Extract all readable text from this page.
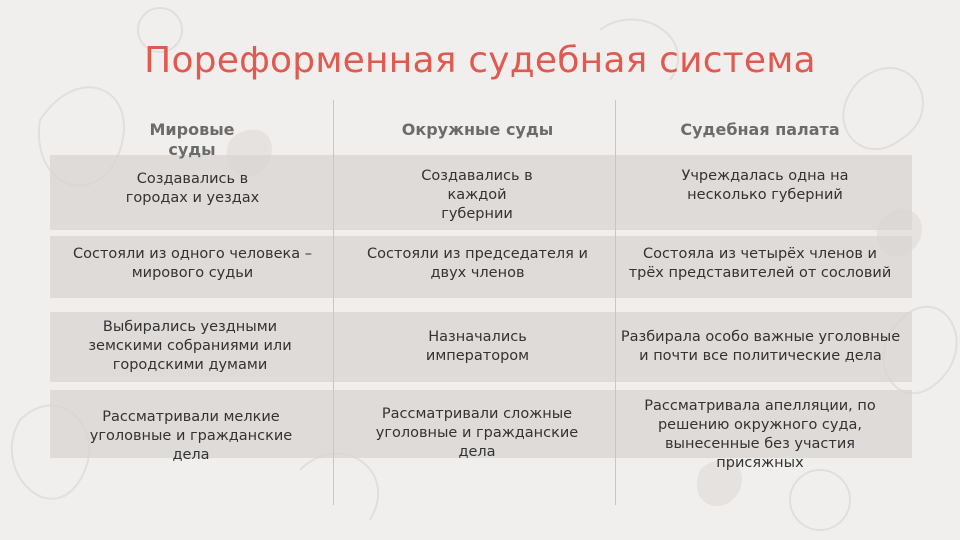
Пореформенная судебная система
Мировые суды
Создавались в городах и уездах
Состояли из одного человека – мирового судьи
Выбирались уездными земскими собраниями или городскими думами
Рассматривали мелкие уголовные и гражданские дела
Окружные суды
Создавались в каждой губернии
Состояли из председателя и двух членов
Назначались императором
Рассматривали сложные уголовные и гражданские дела
Судебная палата
Учреждалась одна на несколько губерний
Состояла из четырёх членов и трёх представителей от сословий
Разбирала особо важные уголовные и почти все политические дела
Рассматривала апелляции, по решению окружного суда, вынесенные без участия присяжных
